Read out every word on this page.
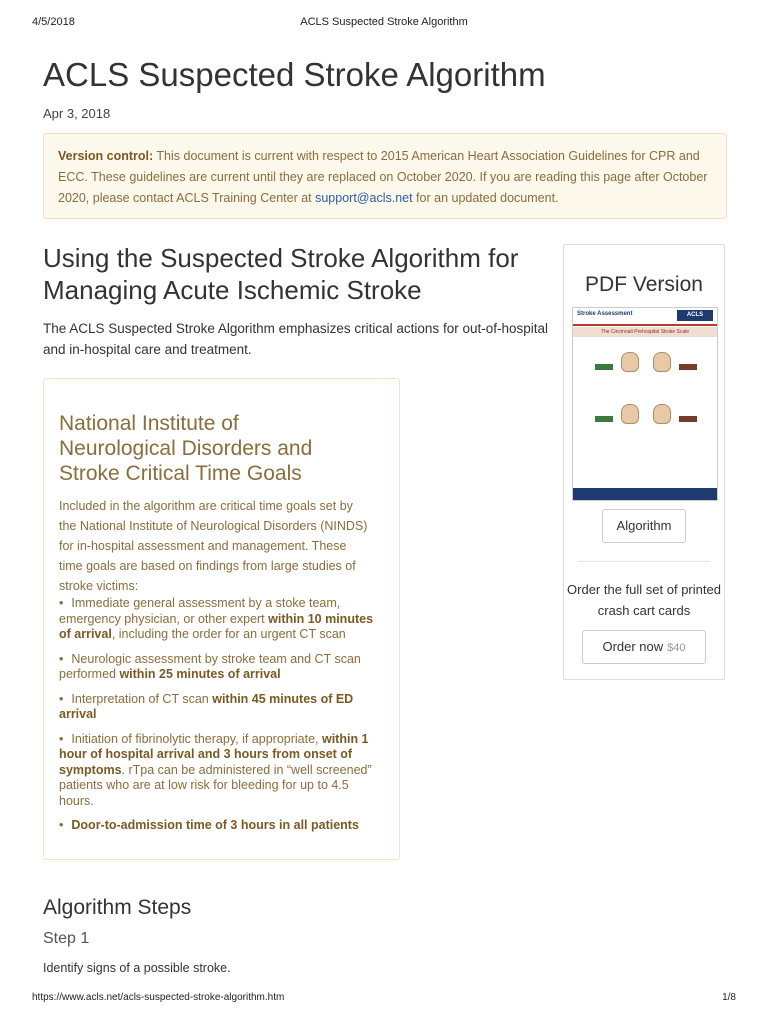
4/5/2018	ACLS Suspected Stroke Algorithm
ACLS Suspected Stroke Algorithm
Apr 3, 2018
Version control: This document is current with respect to 2015 American Heart Association Guidelines for CPR and ECC. These guidelines are current until they are replaced on October 2020. If you are reading this page after October 2020, please contact ACLS Training Center at support@acls.net for an updated document.
Using the Suspected Stroke Algorithm for Managing Acute Ischemic Stroke

The ACLS Suspected Stroke Algorithm emphasizes critical actions for out-of-hospital and in-hospital care and treatment.

National Institute of Neurological Disorders and Stroke Critical Time Goals

Included in the algorithm are critical time goals set by the National Institute of Neurological Disorders (NINDS) for in-hospital assessment and management. These time goals are based on findings from large studies of stroke victims:

• Immediate general assessment by a stoke team, emergency physician, or other expert within 10 minutes of arrival, including the order for an urgent CT scan
• Neurologic assessment by stroke team and CT scan performed within 25 minutes of arrival
• Interpretation of CT scan within 45 minutes of ED arrival
• Initiation of fibrinolytic therapy, if appropriate, within 1 hour of hospital arrival and 3 hours from onset of symptoms. rTpa can be administered in “well screened” patients who are at low risk for bleeding for up to 4.5 hours.
• Door-to-admission time of 3 hours in all patients
PDF Version
Stroke Assessment	ACLS
The Cincinnati Prehospital Stroke Scale
Algorithm
Order the full set of printed crash cart cards
Order now $40
Algorithm Steps
Step 1
Identify signs of a possible stroke.
https://www.acls.net/acls-suspected-stroke-algorithm.htm	1/8
